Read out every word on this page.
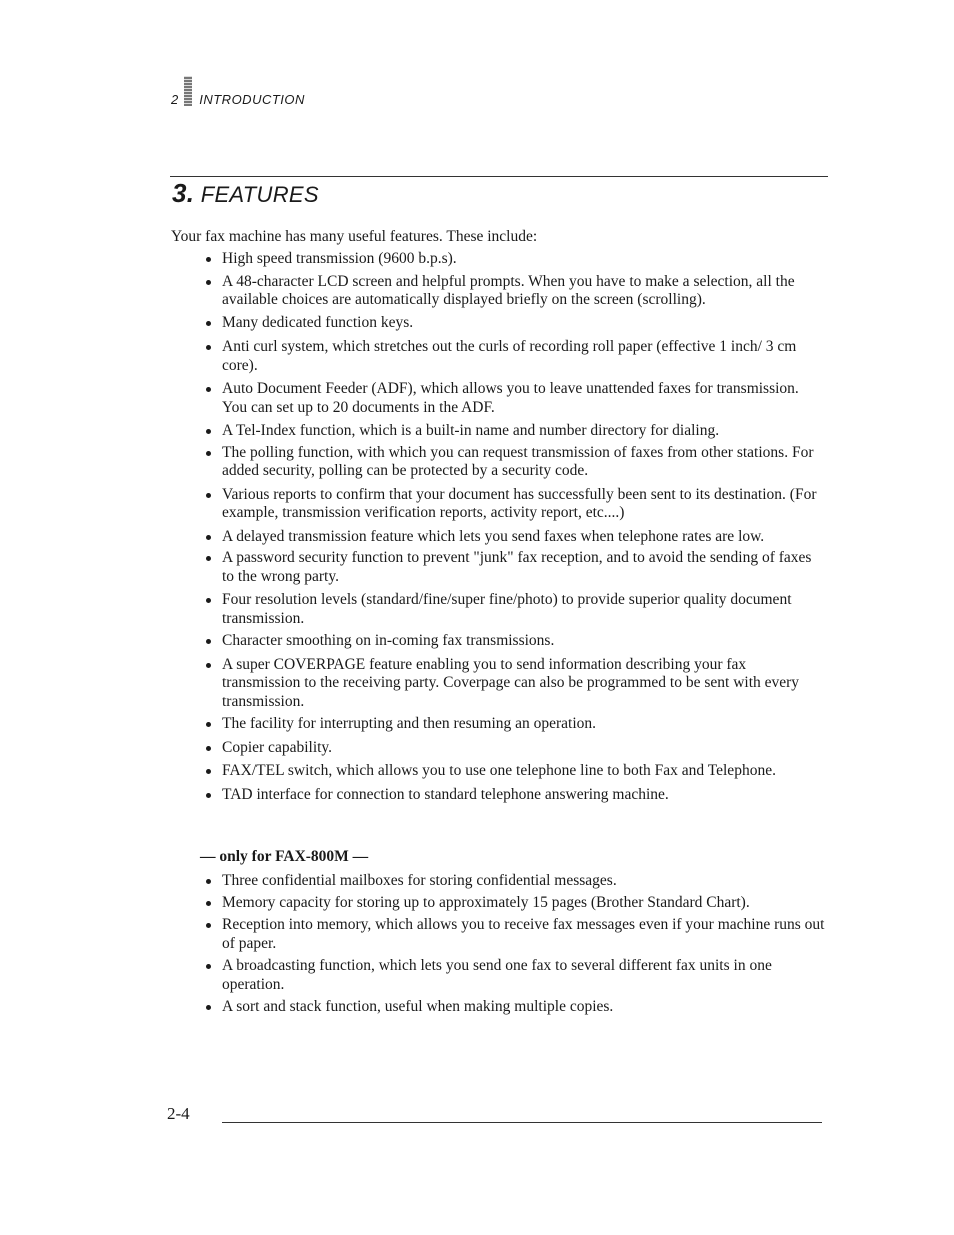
2 INTRODUCTION
3. FEATURES

Your fax machine has many useful features. These include:

High speed transmission (9600 b.p.s).
A 48-character LCD screen and helpful prompts. When you have to make a selection, all the available choices are automatically displayed briefly on the screen (scrolling).
Many dedicated function keys.
Anti curl system, which stretches out the curls of recording roll paper (effective 1 inch/ 3 cm core).
Auto Document Feeder (ADF), which allows you to leave unattended faxes for transmission. You can set up to 20 documents in the ADF.
A Tel-Index function, which is a built-in name and number directory for dialing.
The polling function, with which you can request transmission of faxes from other stations. For added security, polling can be protected by a security code.
Various reports to confirm that your document has successfully been sent to its destination. (For example, transmission verification reports, activity report, etc....)
A delayed transmission feature which lets you send faxes when telephone rates are low.
A password security function to prevent "junk" fax reception, and to avoid the sending of faxes to the wrong party.
Four resolution levels (standard/fine/super fine/photo) to provide superior quality document transmission.
Character smoothing on in-coming fax transmissions.
A super COVERPAGE feature enabling you to send information describing your fax transmission to the receiving party. Coverpage can also be programmed to be sent with every transmission.
The facility for interrupting and then resuming an operation.
Copier capability.
FAX/TEL switch, which allows you to use one telephone line to both Fax and Telephone.
TAD interface for connection to standard telephone answering machine.

— only for FAX-800M —

Three confidential mailboxes for storing confidential messages.
Memory capacity for storing up to approximately 15 pages (Brother Standard Chart).
Reception into memory, which allows you to receive fax messages even if your machine runs out of paper.
A broadcasting function, which lets you send one fax to several different fax units in one operation.
A sort and stack function, useful when making multiple copies.
2-4
